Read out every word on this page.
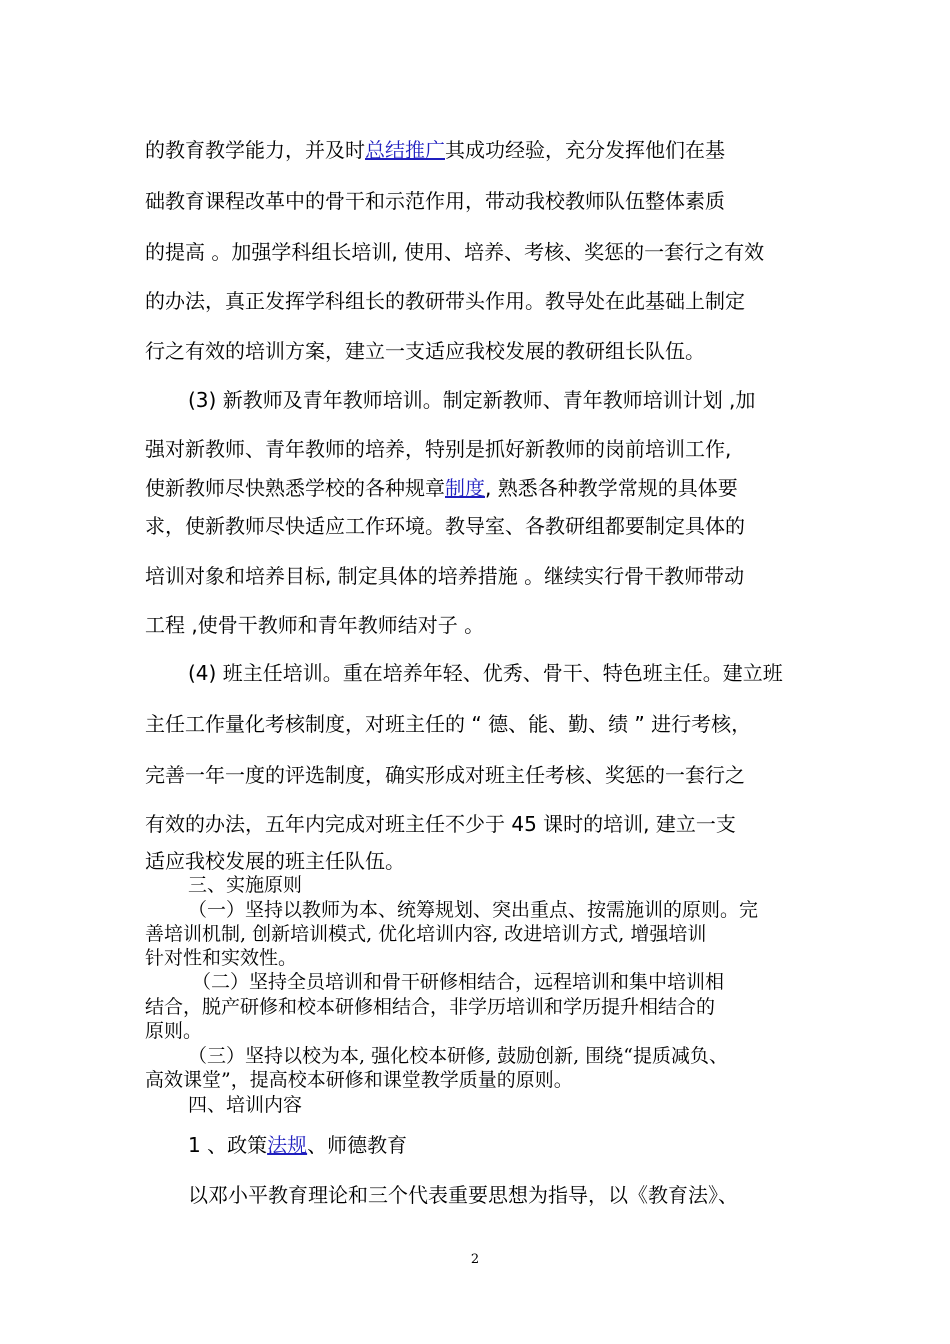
的教育教学能力，并及时总结推广其成功经验，充分发挥他们在基
础教育课程改革中的骨干和示范作用，带动我校教师队伍整体素质
的提高 。加强学科组长培训, 使用、培养、考核、奖惩的一套行之有效
的办法，真正发挥学科组长的教研带头作用。教导处在此基础上制定
行之有效的培训方案，建立一支适应我校发展的教研组长队伍。
(3) 新教师及青年教师培训。制定新教师、青年教师培训计划 ,加
强对新教师、青年教师的培养，特别是抓好新教师的岗前培训工作,
使新教师尽快熟悉学校的各种规章制度, 熟悉各种教学常规的具体要
求，使新教师尽快适应工作环境。教导室、各教研组都要制定具体的
培训对象和培养目标, 制定具体的培养措施 。继续实行骨干教师带动
工程 ,使骨干教师和青年教师结对子 。
(4) 班主任培训。重在培养年轻、优秀、骨干、特色班主任。建立班
主任工作量化考核制度，对班主任的 “ 德、能、勤、绩 ” 进行考核，
完善一年一度的评选制度，确实形成对班主任考核、奖惩的一套行之
有效的办法，五年内完成对班主任不少于 45 课时的培训, 建立一支
适应我校发展的班主任队伍。
三、实施原则
（一）坚持以教师为本、统筹规划、突出重点、按需施训的原则。完
善培训机制, 创新培训模式, 优化培训内容, 改进培训方式, 增强培训
针对性和实效性。
（二）坚持全员培训和骨干研修相结合，远程培训和集中培训相
结合，脱产研修和校本研修相结合，非学历培训和学历提升相结合的
原则。
（三）坚持以校为本, 强化校本研修, 鼓励创新, 围绕“提质减负、
高效课堂”，提高校本研修和课堂教学质量的原则。
四、培训内容
1 、政策法规、师德教育
以邓小平教育理论和三个代表重要思想为指导，以《教育法》、
2
